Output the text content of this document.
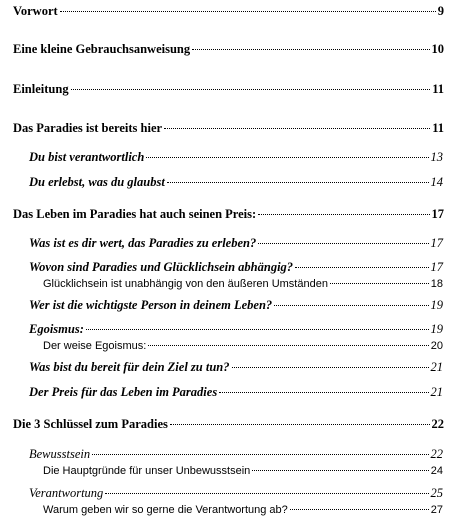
Vorwort	9
Eine kleine Gebrauchsanweisung	10
Einleitung	11
Das Paradies ist bereits hier	11
Du bist verantwortlich	13
Du erlebst, was du glaubst	14
Das Leben im Paradies hat auch seinen Preis:	17
Was ist es dir wert, das Paradies zu erleben?	17
Wovon sind Paradies und Glücklichsein abhängig?	17
Glücklichsein ist unabhängig von den äußeren Umständen	18
Wer ist die wichtigste Person in deinem Leben?	19
Egoismus:	19
Der weise Egoismus:	20
Was bist du bereit für dein Ziel zu tun?	21
Der Preis für das Leben im Paradies	21
Die 3 Schlüssel zum Paradies	22
Bewusstsein	22
Die Hauptgründe für unser Unbewusstsein	24
Verantwortung	25
Warum geben wir so gerne die Verantwortung ab?	27
